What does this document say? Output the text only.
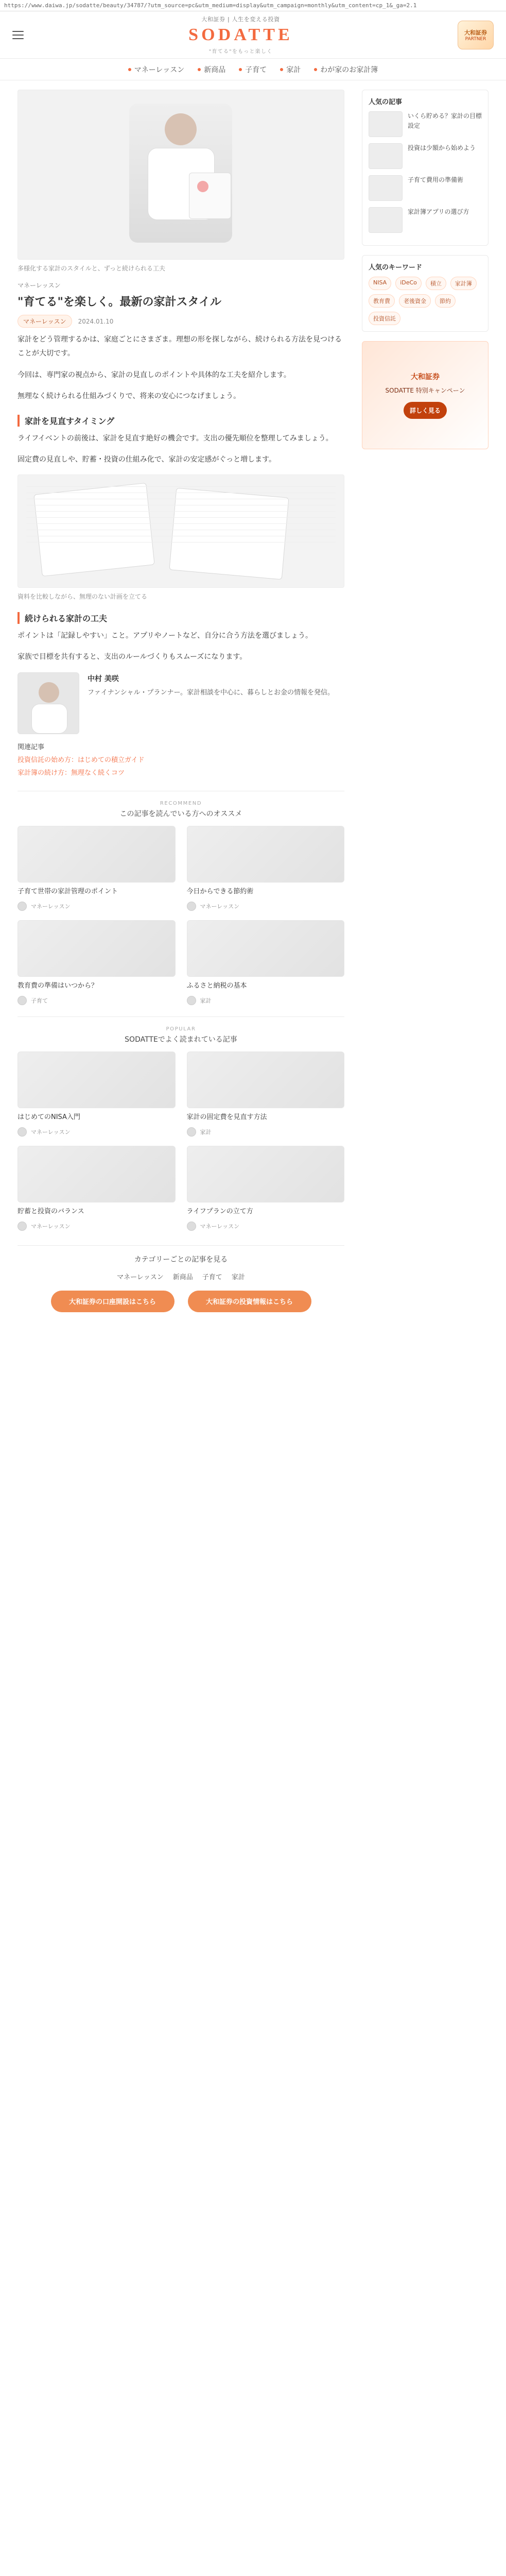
https://www.daiwa.jp/sodatte/beauty/34787/?utm_source=pc&utm_medium=display&utm_campaign=monthly&utm_content=cp_1&_ga=2.1
大和証券 | 人生を変える投資
SODATTE
"育てる"をもっと楽しく
大和証券
PARTNER
マネーレッスン	新商品	子育て	家計	わが家のお家計簿
多様化する家計のスタイルと、ずっと続けられる工夫
マネーレッスン
"育てる"を楽しく。最新の家計スタイル
マネーレッスン	2024.01.10

家計をどう管理するかは、家庭ごとにさまざま。理想の形を探しながら、続けられる方法を見つけることが大切です。

今回は、専門家の視点から、家計の見直しのポイントや具体的な工夫を紹介します。

無理なく続けられる仕組みづくりで、将来の安心につなげましょう。

家計を見直すタイミング

ライフイベントの前後は、家計を見直す絶好の機会です。支出の優先順位を整理してみましょう。

固定費の見直しや、貯蓄・投資の仕組み化で、家計の安定感がぐっと増します。

資料を比較しながら、無理のない計画を立てる
続けられる家計の工夫

ポイントは「記録しやすい」こと。アプリやノートなど、自分に合う方法を選びましょう。

家族で目標を共有すると、支出のルールづくりもスムーズになります。

中村 美咲

ファイナンシャル・プランナー。家計相談を中心に、暮らしとお金の情報を発信。

関連記事
投資信託の始め方：はじめての積立ガイド
家計簿の続け方：無理なく続くコツ
RECOMMEND
この記事を読んでいる方へのオススメ

子育て世帯の家計管理のポイント

マネーレッスン

今日からできる節約術

マネーレッスン

教育費の準備はいつから？

子育て

ふるさと納税の基本

家計
POPULAR
SODATTEでよく読まれている記事

はじめてのNISA入門

マネーレッスン

家計の固定費を見直す方法

家計

貯蓄と投資のバランス

マネーレッスン

ライフプランの立て方

マネーレッスン
カテゴリーごとの記事を見る
マネーレッスン 新商品 子育て 家計
大和証券の口座開設はこちら	大和証券の投資情報はこちら
人気の記事

いくら貯める？家計の目標設定

投資は少額から始めよう

子育て費用の準備術

家計簿アプリの選び方

人気のキーワード
NISA	iDeCo	積立	家計簿
教育費	老後資金	節約
投資信託
大和証券
SODATTE 特別キャンペーン
詳しく見る
